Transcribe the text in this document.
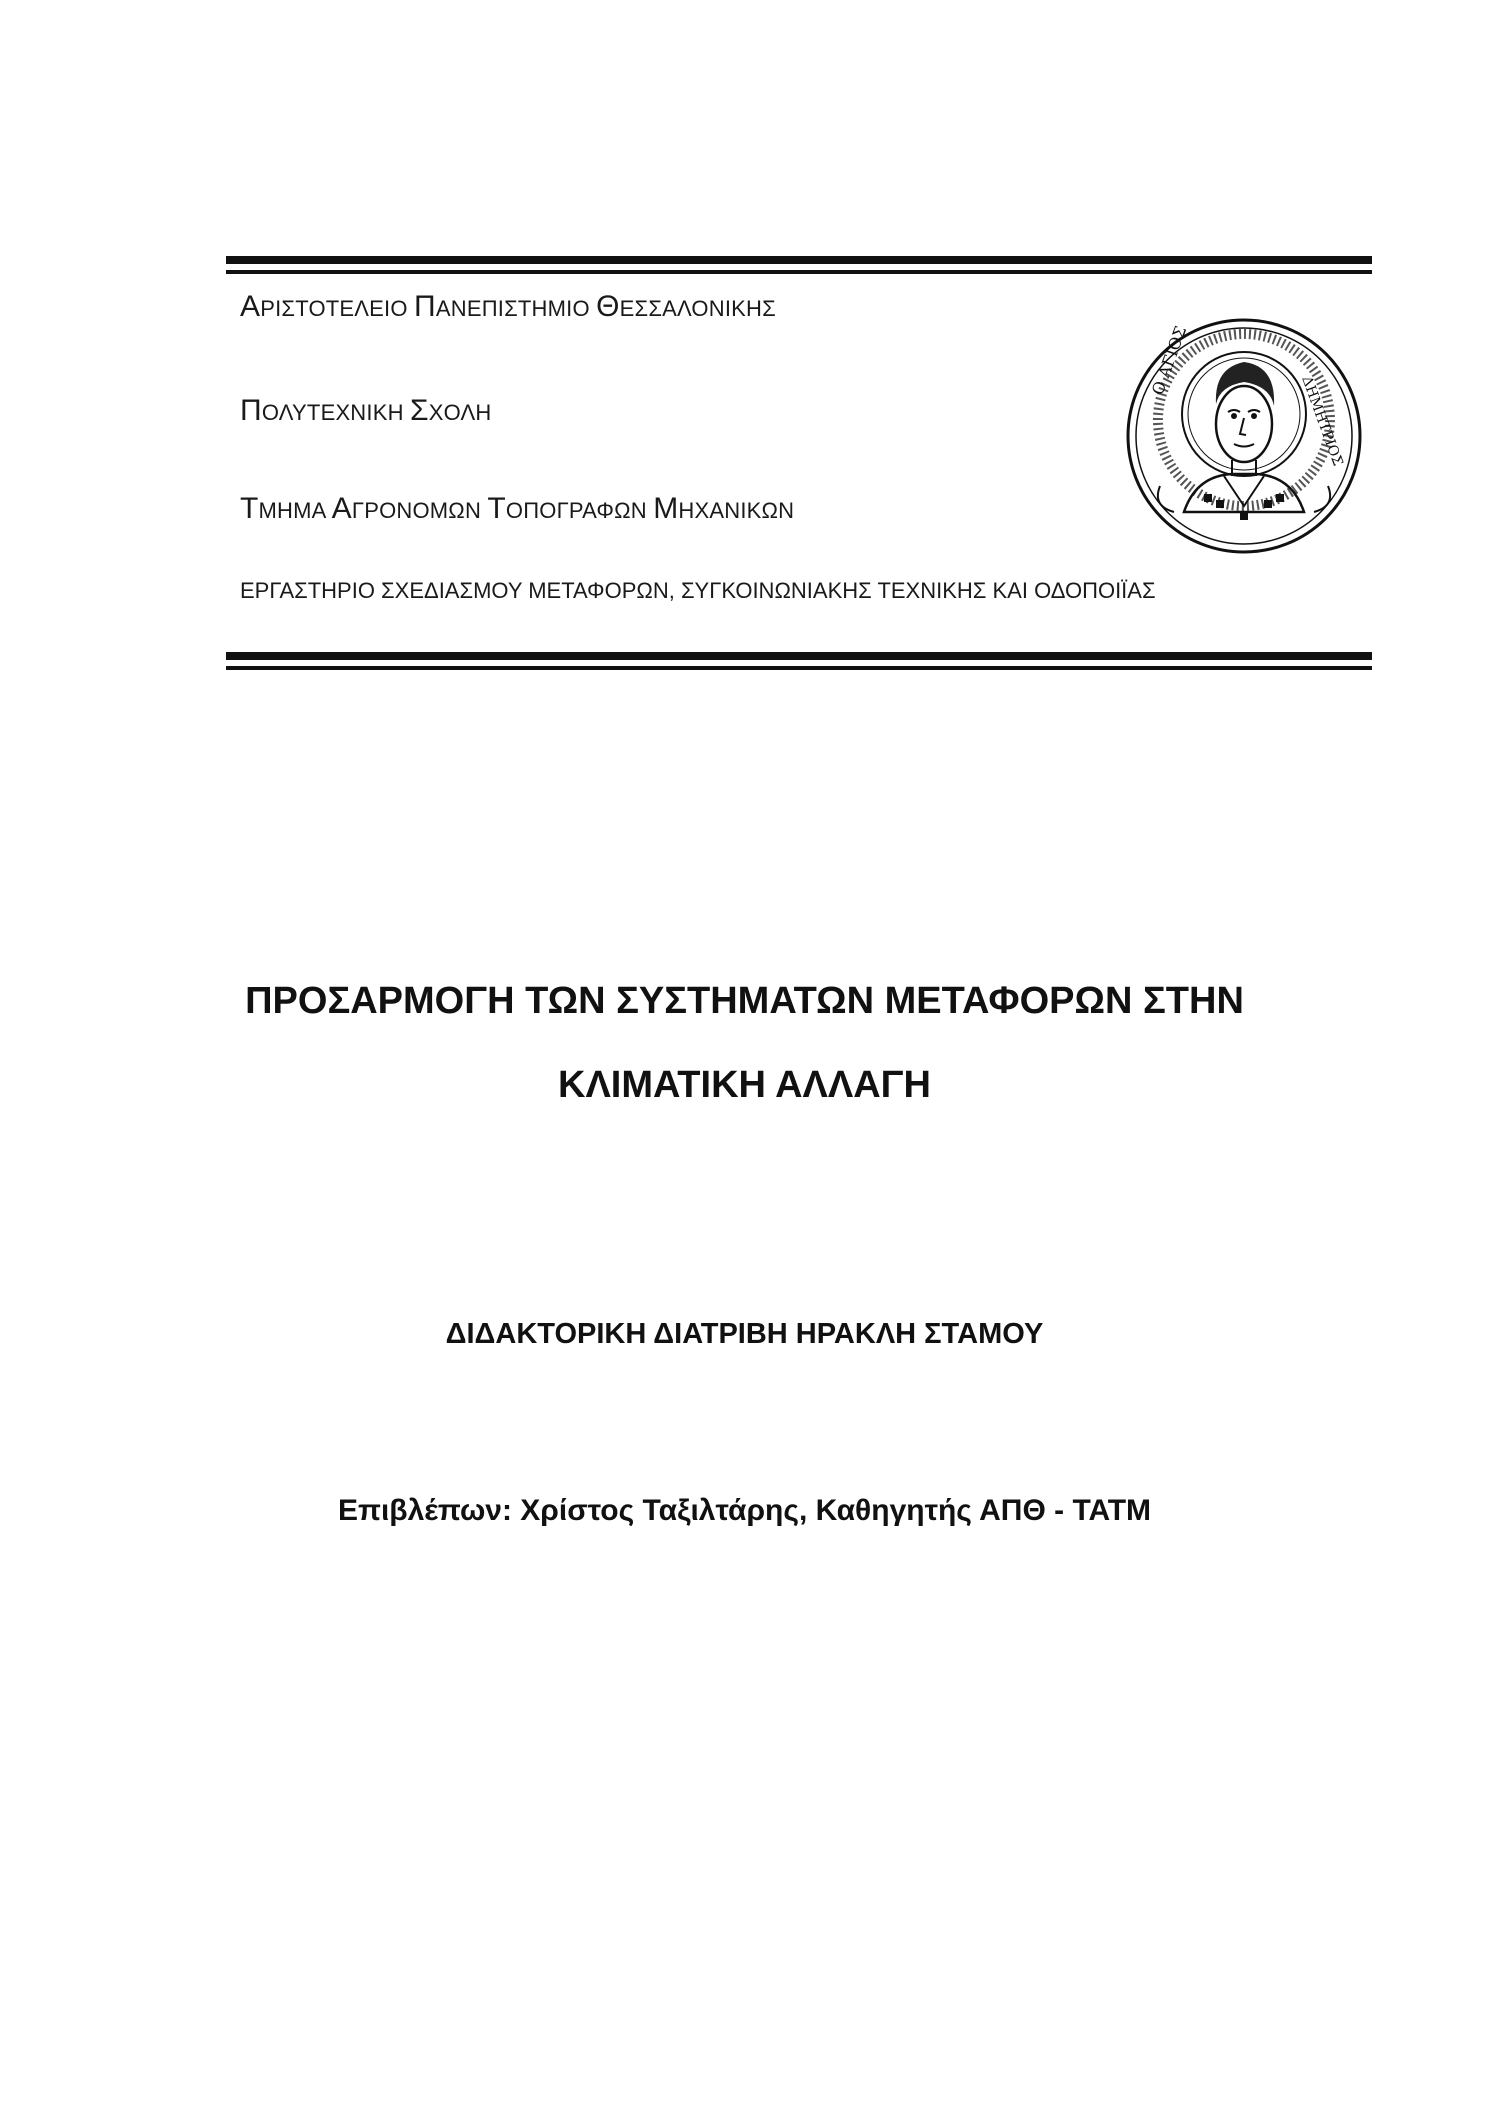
ΑΡΙΣΤΟΤΕΛΕΙΟ ΠΑΝΕΠΙΣΤΗΜΙΟ ΘΕΣΣΑΛΟΝΙΚΗΣ
ΠΟΛΥΤΕΧΝΙΚΗ ΣΧΟΛΗ
ΤΜΗΜΑ ΑΓΡΟΝΟΜΩΝ ΤΟΠΟΓΡΑΦΩΝ ΜΗΧΑΝΙΚΩΝ
ΕΡΓΑΣΤΗΡΙΟ ΣΧΕΔΙΑΣΜΟΥ ΜΕΤΑΦΟΡΩΝ, ΣΥΓΚΟΙΝΩΝΙΑΚΗΣ ΤΕΧΝΙΚΗΣ ΚΑΙ ΟΔΟΠΟΙΪΑΣ
Ο ΑΓΙΟΣ
ΔΗΜΗΤΡΙΟΣ
ΠΡΟΣΑΡΜΟΓΗ ΤΩΝ ΣΥΣΤΗΜΑΤΩΝ ΜΕΤΑΦΟΡΩΝ ΣΤΗΝ
ΚΛΙΜΑΤΙΚΗ ΑΛΛΑΓΗ
ΔΙΔΑΚΤΟΡΙΚΗ ΔΙΑΤΡΙΒΗ ΗΡΑΚΛΗ ΣΤΑΜΟΥ
Επιβλέπων: Χρίστος Ταξιλτάρης, Καθηγητής ΑΠΘ - ΤΑΤΜ
